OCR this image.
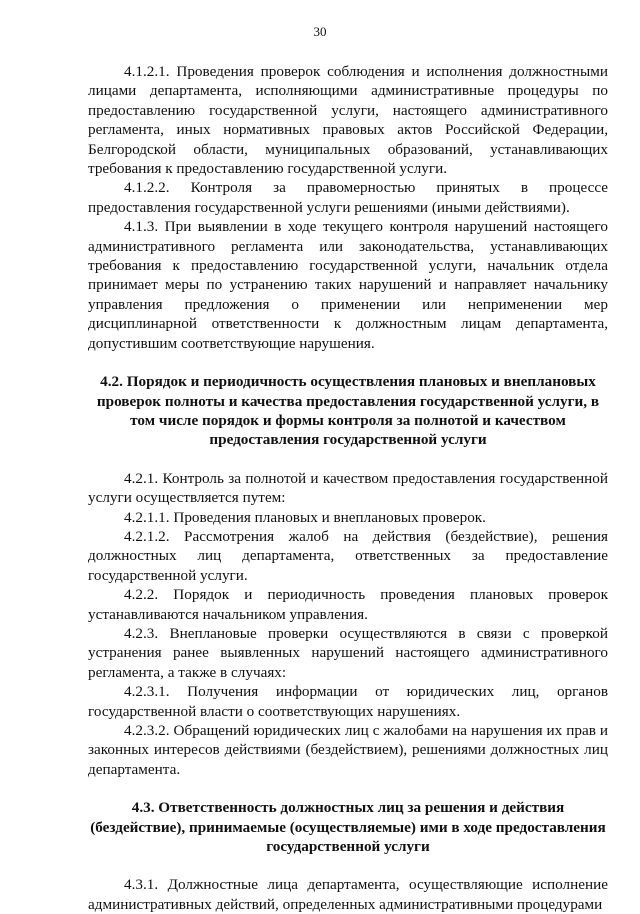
30

4.1.2.1. Проведения проверок соблюдения и исполнения должностными лицами департамента, исполняющими административные процедуры по предоставлению государственной услуги, настоящего административного регламента, иных нормативных правовых актов Российской Федерации, Белгородской области, муниципальных образований, устанавливающих требования к предоставлению государственной услуги.

4.1.2.2. Контроля за правомерностью принятых в процессе предоставления государственной услуги решениями (иными действиями).

4.1.3. При выявлении в ходе текущего контроля нарушений настоящего административного регламента или законодательства, устанавливающих требования к предоставлению государственной услуги, начальник отдела принимает меры по устранению таких нарушений и направляет начальнику управления предложения о применении или неприменении мер дисциплинарной ответственности к должностным лицам департамента, допустившим соответствующие нарушения.

4.2. Порядок и периодичность осуществления плановых и внеплановых проверок полноты и качества предоставления государственной услуги, в том числе порядок и формы контроля за полнотой и качеством предоставления государственной услуги

4.2.1. Контроль за полнотой и качеством предоставления государственной услуги осуществляется путем:

4.2.1.1. Проведения плановых и внеплановых проверок.

4.2.1.2. Рассмотрения жалоб на действия (бездействие), решения должностных лиц департамента, ответственных за предоставление государственной услуги.

4.2.2. Порядок и периодичность проведения плановых проверок устанавливаются начальником управления.

4.2.3. Внеплановые проверки осуществляются в связи с проверкой устранения ранее выявленных нарушений настоящего административного регламента, а также в случаях:

4.2.3.1. Получения информации от юридических лиц, органов государственной власти о соответствующих нарушениях.

4.2.3.2. Обращений юридических лиц с жалобами на нарушения их прав и законных интересов действиями (бездействием), решениями должностных лиц департамента.

4.3. Ответственность должностных лиц за решения и действия (бездействие), принимаемые (осуществляемые) ими в ходе предоставления государственной услуги

4.3.1. Должностные лица департамента, осуществляющие исполнение административных действий, определенных административными процедурами
